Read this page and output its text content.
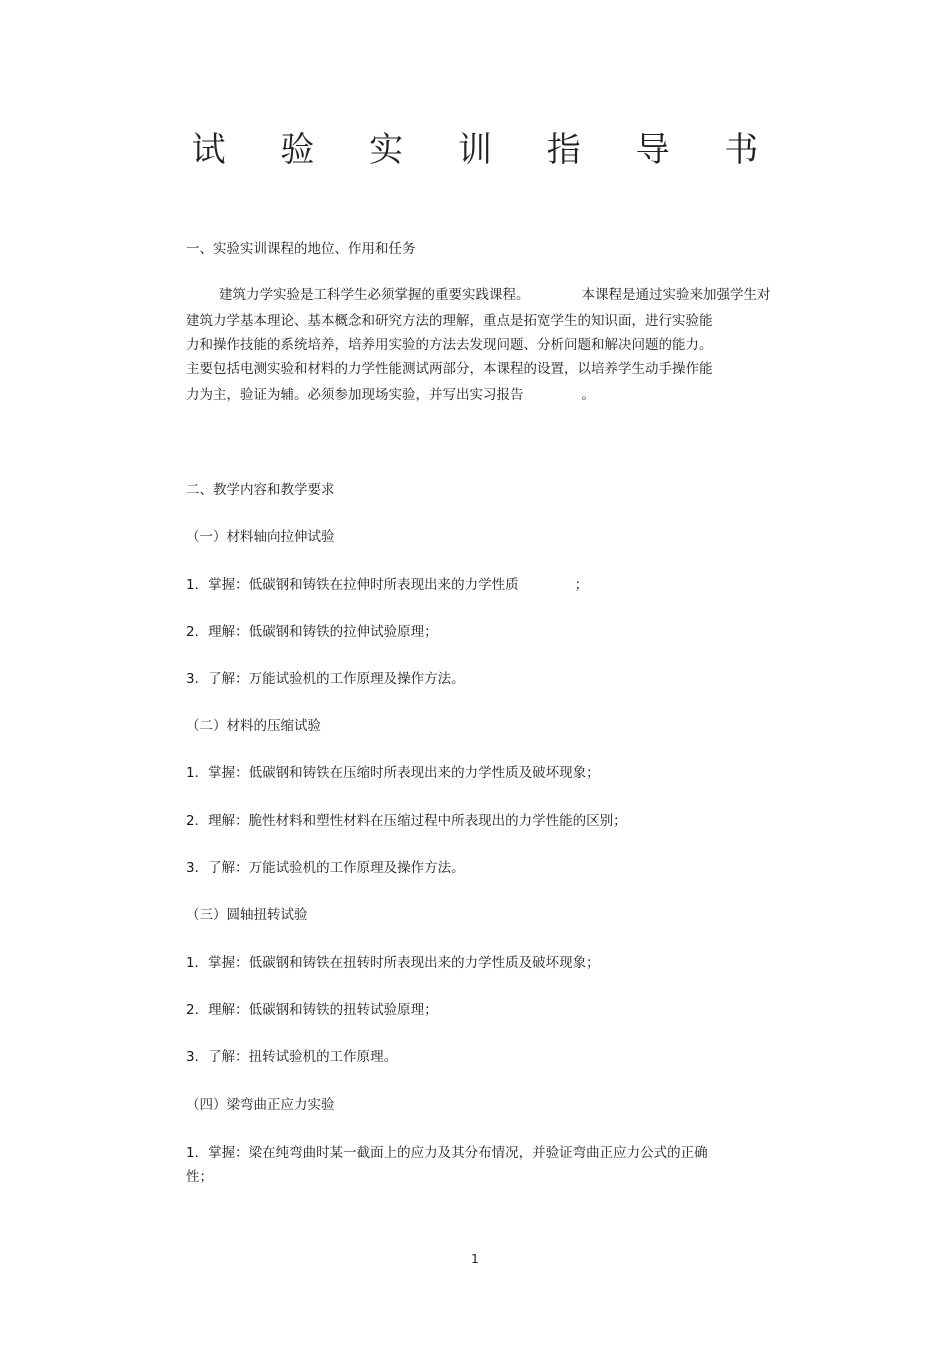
试 验 实 训 指 导 书
一、实验实训课程的地位、作用和任务
建筑力学实验是工科学生必须掌握的重要实践课程。	本课程是通过实验来加强学生对
建筑力学基本理论、基本概念和研究方法的理解，重点是拓宽学生的知识面，进行实验能
力和操作技能的系统培养，培养用实验的方法去发现问题、分析问题和解决问题的能力。
主要包括电测实验和材料的力学性能测试两部分，本课程的设置，以培养学生动手操作能
力为主，验证为辅。必须参加现场实验，并写出实习报告	。
二、教学内容和教学要求
（一）材料轴向拉伸试验
1．掌握：低碳钢和铸铁在拉伸时所表现出来的力学性质	；
2．理解：低碳钢和铸铁的拉伸试验原理；
3．了解：万能试验机的工作原理及操作方法。
（二）材料的压缩试验
1．掌握：低碳钢和铸铁在压缩时所表现出来的力学性质及破坏现象；
2．理解：脆性材料和塑性材料在压缩过程中所表现出的力学性能的区别；
3．了解：万能试验机的工作原理及操作方法。
（三）圆轴扭转试验
1．掌握：低碳钢和铸铁在扭转时所表现出来的力学性质及破坏现象；
2．理解：低碳钢和铸铁的扭转试验原理；
3．了解：扭转试验机的工作原理。
（四）梁弯曲正应力实验
1．掌握：梁在纯弯曲时某一截面上的应力及其分布情况，并验证弯曲正应力公式的正确
性；
1
